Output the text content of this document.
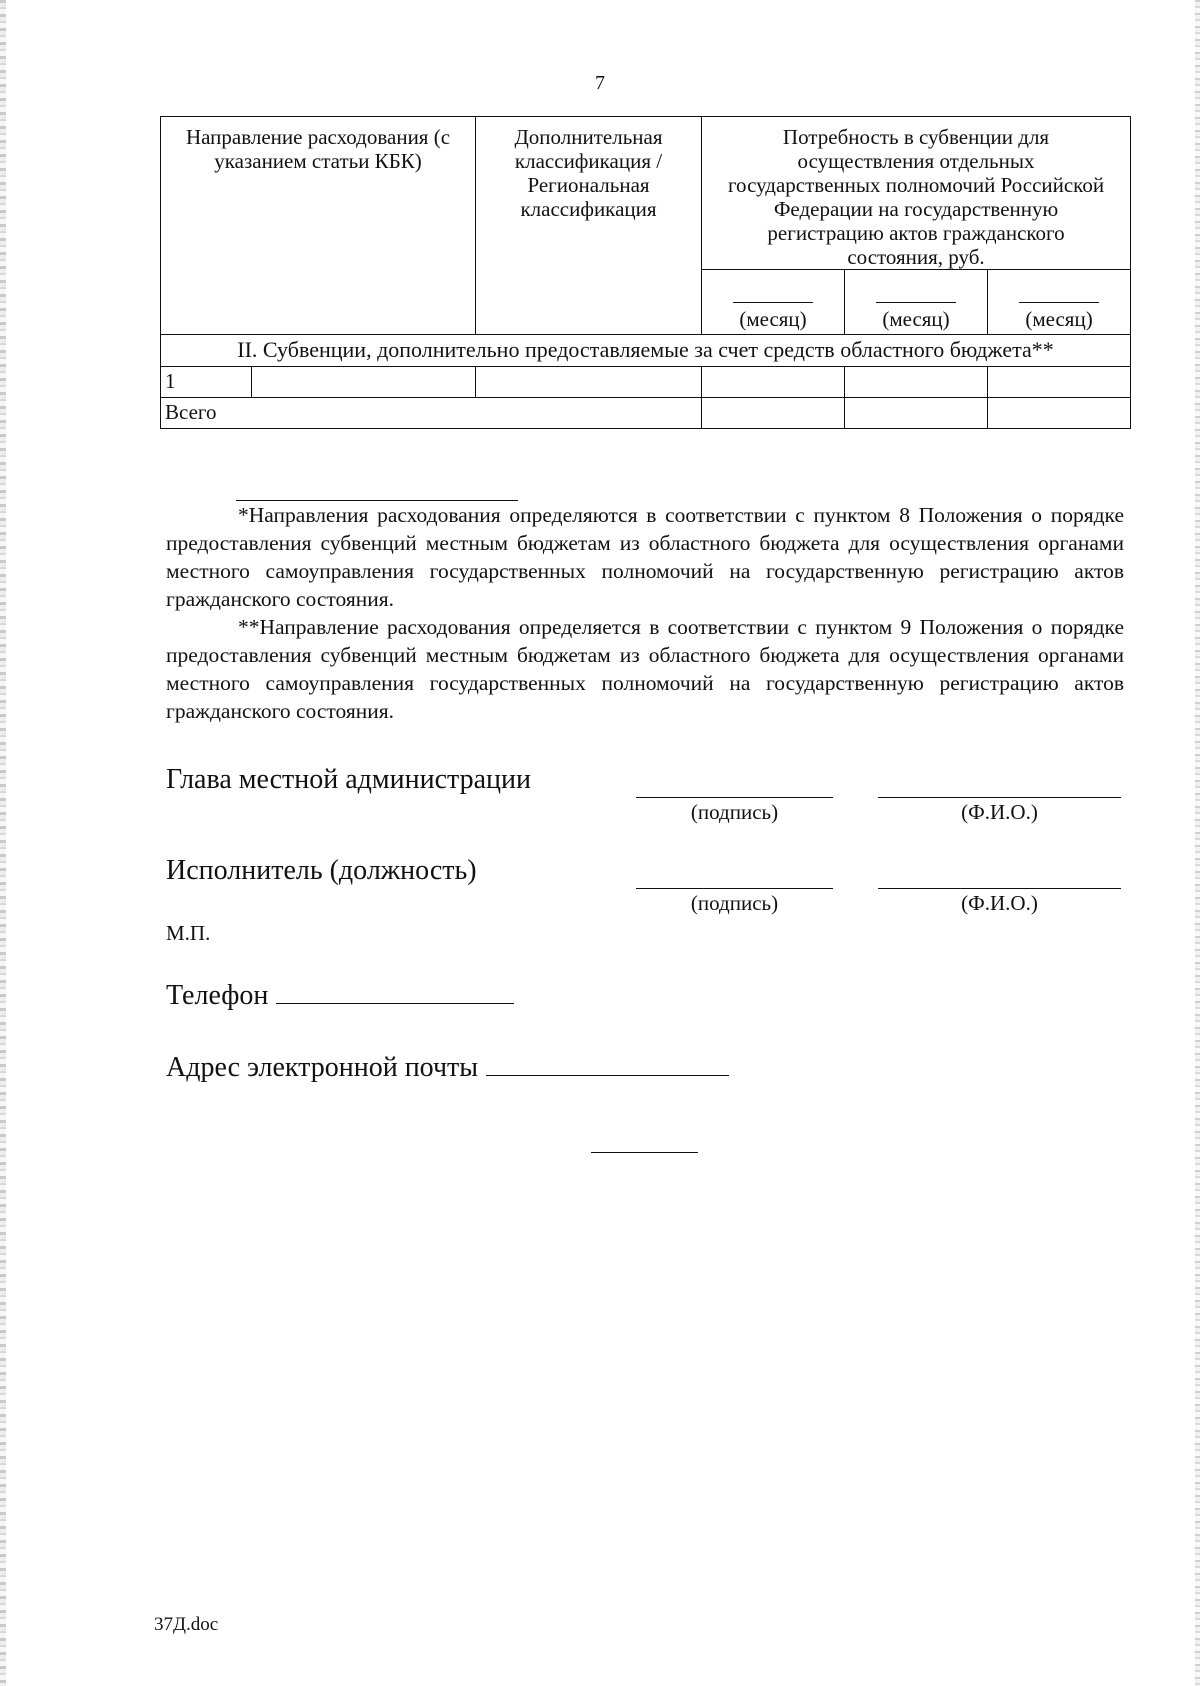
7
Направление расходования (с указанием статьи КБК)		Дополнительная классификация / Региональная классификация	Потребность в субвенции для осуществления отдельных государственных полномочий Российской Федерации на государственную регистрацию актов гражданского состояния, руб.		

			(месяц)	(месяц)	(месяц)

II. Субвенции, дополнительно предоставляемые за счет средств областного бюджета**					
1					
Всего					

*Направления расходования определяются в соответствии с пунктом 8 Положения о порядке предоставления субвенций местным бюджетам из областного бюджета для осуществления органами местного самоуправления государственных полномочий на государственную регистрацию актов гражданского состояния.

**Направление расходования определяется в соответствии с пунктом 9 Положения о порядке предоставления субвенций местным бюджетам из областного бюджета для осуществления органами местного самоуправления государственных полномочий на государственную регистрацию актов гражданского состояния.

Глава местной администрации
(подпись)	(Ф.И.О.)
Исполнитель (должность)
(подпись)	(Ф.И.О.)
М.П.
Телефон
Адрес электронной почты
37Д.doc
